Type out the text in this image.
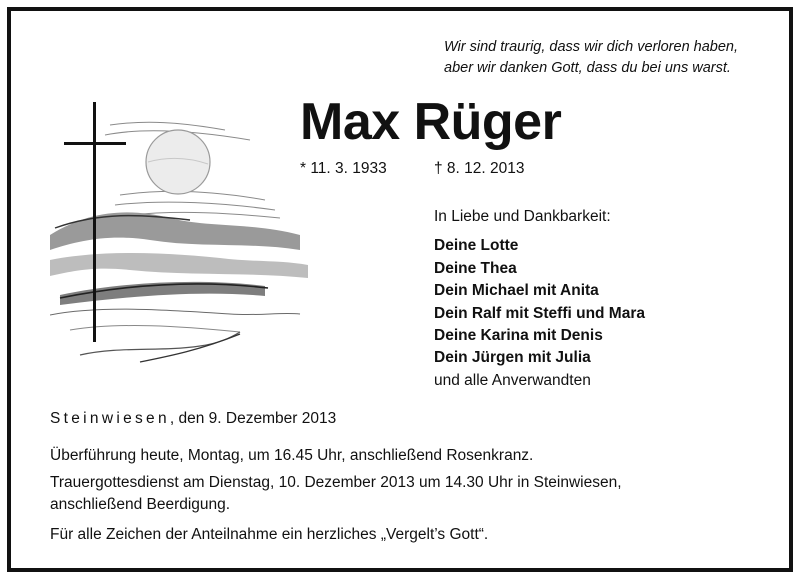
Wir sind traurig, dass wir dich verloren haben,
aber wir danken Gott, dass du bei uns warst.
Max Rüger
* 11. 3. 1933	† 8. 12. 2013
In Liebe und Dankbarkeit:
Deine Lotte
Deine Thea
Dein Michael mit Anita
Dein Ralf mit Steffi und Mara
Deine Karina mit Denis
Dein Jürgen mit Julia
und alle Anverwandten
Steinwiesen, den 9. Dezember 2013
Überführung heute, Montag, um 16.45 Uhr, anschließend Rosenkranz.
Trauergottesdienst am Dienstag, 10. Dezember 2013 um 14.30 Uhr in Steinwiesen,
anschließend Beerdigung.
Für alle Zeichen der Anteilnahme ein herzliches „Vergelt’s Gott“.
